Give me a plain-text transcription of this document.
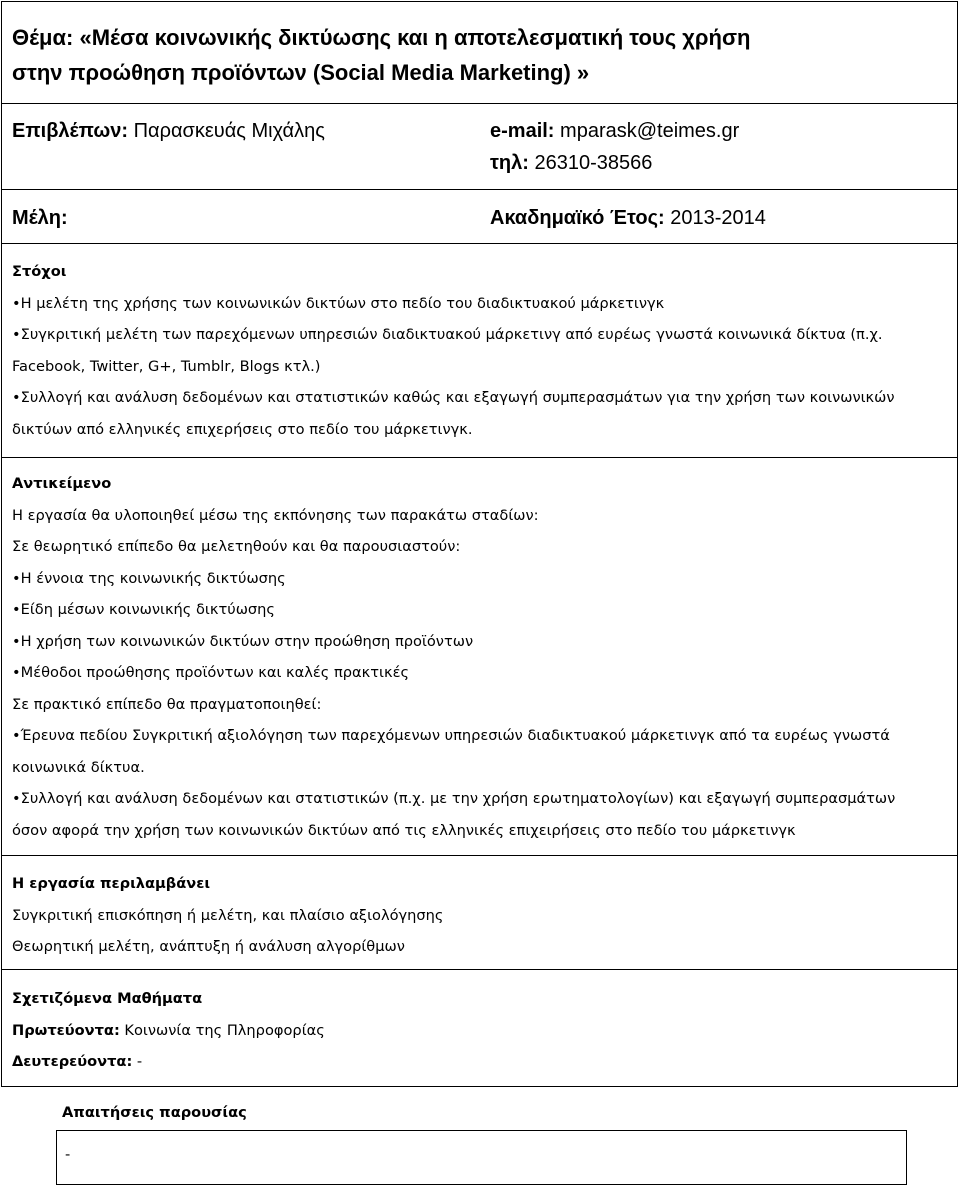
Θέμα: «Μέσα κοινωνικής δικτύωσης και η αποτελεσματική τους χρήση
στην προώθηση προϊόντων (Social Media Marketing) »
Επιβλέπων: Παρασκευάς Μιχάλης	e-mail: mparask@teimes.gr
τηλ: 26310-38566
Μέλη:	Ακαδημαϊκό Έτος: 2013-2014

Στόχοι

• Η μελέτη της χρήσης των κοινωνικών δικτύων στο πεδίο του διαδικτυακού μάρκετινγκ

• Συγκριτική μελέτη των παρεχόμενων υπηρεσιών διαδικτυακού μάρκετινγ από ευρέως γνωστά κοινωνικά δίκτυα (π.χ.

Facebook, Twitter, G+, Tumblr, Blogs κτλ.)

• Συλλογή και ανάλυση δεδομένων και στατιστικών καθώς και εξαγωγή συμπερασμάτων για την χρήση των κοινωνικών

δικτύων από ελληνικές επιχερήσεις στο πεδίο του μάρκετινγκ.

Αντικείμενο

Η εργασία θα υλοποιηθεί μέσω της εκπόνησης των παρακάτω σταδίων:

Σε θεωρητικό επίπεδο θα μελετηθούν και θα παρουσιαστούν:

• Η έννοια της κοινωνικής δικτύωσης

• Είδη μέσων κοινωνικής δικτύωσης

• Η χρήση των κοινωνικών δικτύων στην προώθηση προϊόντων

• Μέθοδοι προώθησης προϊόντων και καλές πρακτικές

Σε πρακτικό επίπεδο θα πραγματοποιηθεί:

• Έρευνα πεδίου Συγκριτική αξιολόγηση των παρεχόμενων υπηρεσιών διαδικτυακού μάρκετινγκ από τα ευρέως γνωστά

κοινωνικά δίκτυα.

• Συλλογή και ανάλυση δεδομένων και στατιστικών (π.χ. με την χρήση ερωτηματολογίων) και εξαγωγή συμπερασμάτων

όσον αφορά την χρήση των κοινωνικών δικτύων από τις ελληνικές επιχειρήσεις στο πεδίο του μάρκετινγκ

Η εργασία περιλαμβάνει

Συγκριτική επισκόπηση ή μελέτη, και πλαίσιο αξιολόγησης

Θεωρητική μελέτη, ανάπτυξη ή ανάλυση αλγορίθμων

Σχετιζόμενα Μαθήματα

Πρωτεύοντα: Κοινωνία της Πληροφορίας

Δευτερεύοντα: -

Απαιτήσεις παρουσίας
-
